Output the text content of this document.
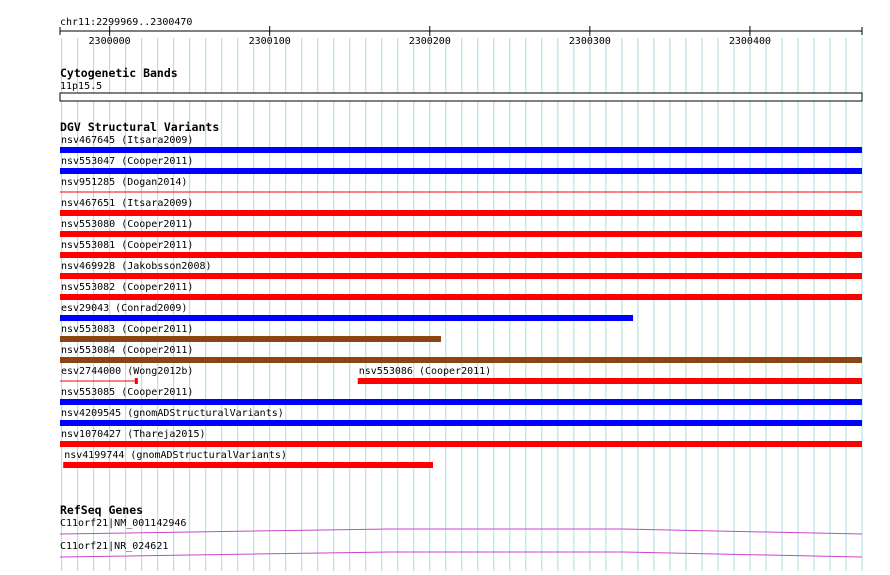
chr11:2299969..2300470
2300000	2300100	2300200	2300300	2300400
Cytogenetic Bands
11p15.5
DGV Structural Variants
nsv467645 (Itsara2009)
nsv553047 (Cooper2011)
nsv951285 (Dogan2014)
nsv467651 (Itsara2009)
nsv553080 (Cooper2011)
nsv553081 (Cooper2011)
nsv469928 (Jakobsson2008)
nsv553082 (Cooper2011)
esv29043 (Conrad2009)
nsv553083 (Cooper2011)
nsv553084 (Cooper2011)
esv2744000 (Wong2012b)	nsv553086 (Cooper2011)
nsv553085 (Cooper2011)
nsv4209545 (gnomADStructuralVariants)
nsv1070427 (Thareja2015)
nsv4199744 (gnomADStructuralVariants)
RefSeq Genes
C11orf21|NM_001142946
C11orf21|NR_024621
